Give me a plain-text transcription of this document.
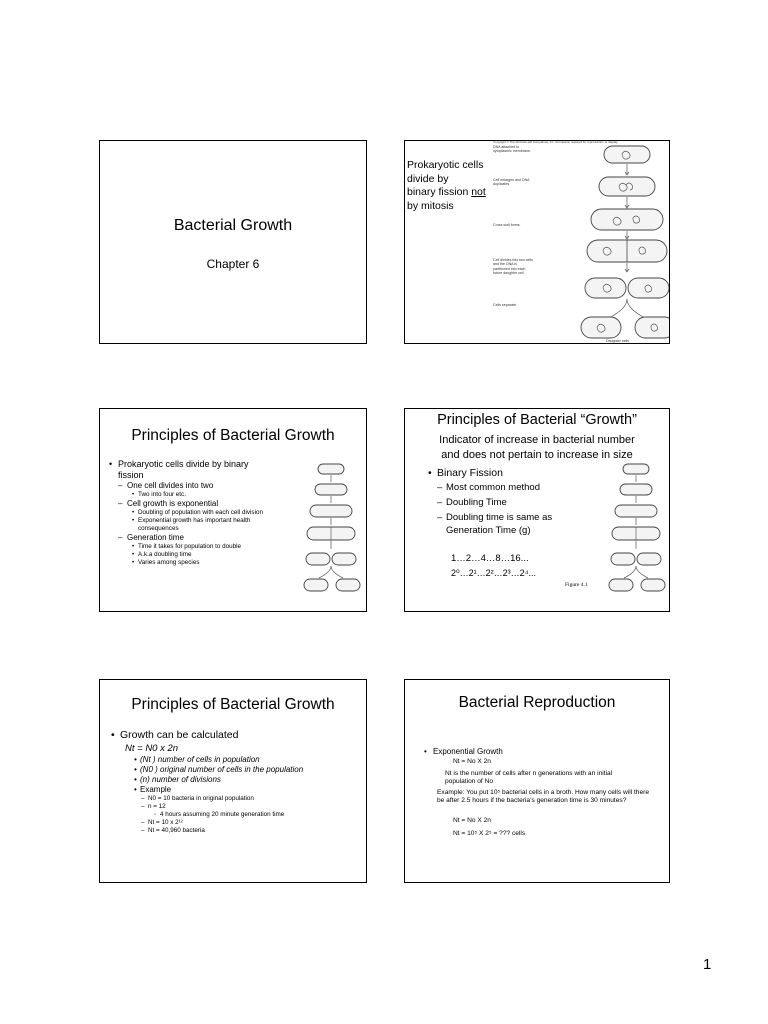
Bacterial Growth
Chapter 6
Prokaryotic cells
divide by
binary fission not
by mitosis
Copyright © The McGraw-Hill Companies, Inc. Permission required for reproduction or display.
DNA attached to cytoplasmic membrane.
Cell enlarges and DNA duplicates.
Cross wall forms.
Cell divides into two cells and the DNA is partitioned into each future daughter cell.
Cells separate.
Daughter cells
Principles of Bacterial Growth
• Prokaryotic cells divide by binary fission
– One cell divides into two
• Two into four etc.
– Cell growth is exponential
• Doubling of population with each cell division
• Exponential growth has important health consequences
– Generation time
• Time it takes for population to double
• A.k.a doubling time
• Varies among species
Principles of Bacterial “Growth”
Indicator of increase in bacterial number
and does not pertain to increase in size
• Binary Fission
– Most common method
– Doubling Time
– Doubling time is same as Generation Time (g)
1…2…4…8…16...
2⁰…2¹…2²…2³…2⁴...
Figure 4.1
Principles of Bacterial Growth
• Growth can be calculated
Nt = N0 x 2n
• (Nt ) number of cells in population
• (N0 ) original number of cells in the population
• (n) number of divisions
• Example
– N0 = 10 bacteria in original population
– n = 12
◦ 4 hours assuming 20 minute generation time
– Nt = 10 x 2¹²
– Nt = 40,960 bacteria
Bacterial Reproduction
• Exponential Growth
Nt = No X 2n
Nt is the number of cells after n generations with an initial population of No
Example: You put 10⁵ bacterial cells in a broth. How many cells will there be after 2.5 hours if the bacteria’s generation time is 30 minutes?
Nt = No X 2n
Nt = 10⁵ X 2⁵ = ??? cells
1
